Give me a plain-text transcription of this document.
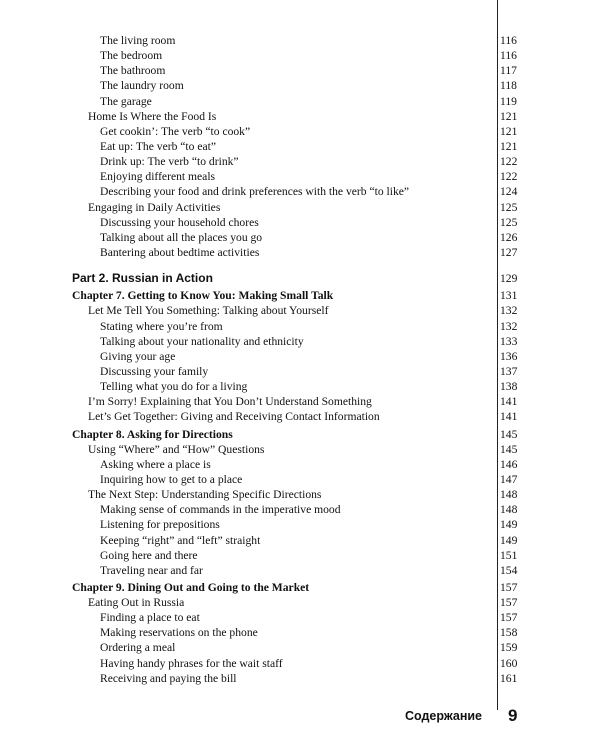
The living room	116
The bedroom	116
The bathroom	117
The laundry room	118
The garage	119
Home Is Where the Food Is	121
Get cookin’: The verb “to cook”	121
Eat up: The verb “to eat”	121
Drink up: The verb “to drink”	122
Enjoying different meals	122
Describing your food and drink preferences with the verb “to like”	124
Engaging in Daily Activities	125
Discussing your household chores	125
Talking about all the places you go	126
Bantering about bedtime activities	127
Part 2. Russian in Action	129
Chapter 7. Getting to Know You: Making Small Talk	131
Let Me Tell You Something: Talking about Yourself	132
Stating where you’re from	132
Talking about your nationality and ethnicity	133
Giving your age	136
Discussing your family	137
Telling what you do for a living	138
I’m Sorry! Explaining that You Don’t Understand Something	141
Let’s Get Together: Giving and Receiving Contact Information	141
Chapter 8. Asking for Directions	145
Using “Where” and “How” Questions	145
Asking where a place is	146
Inquiring how to get to a place	147
The Next Step: Understanding Specific Directions	148
Making sense of commands in the imperative mood	148
Listening for prepositions	149
Keeping “right” and “left” straight	149
Going here and there	151
Traveling near and far	154
Chapter 9. Dining Out and Going to the Market	157
Eating Out in Russia	157
Finding a place to eat	157
Making reservations on the phone	158
Ordering a meal	159
Having handy phrases for the wait staff	160
Receiving and paying the bill	161
Содержание 9
